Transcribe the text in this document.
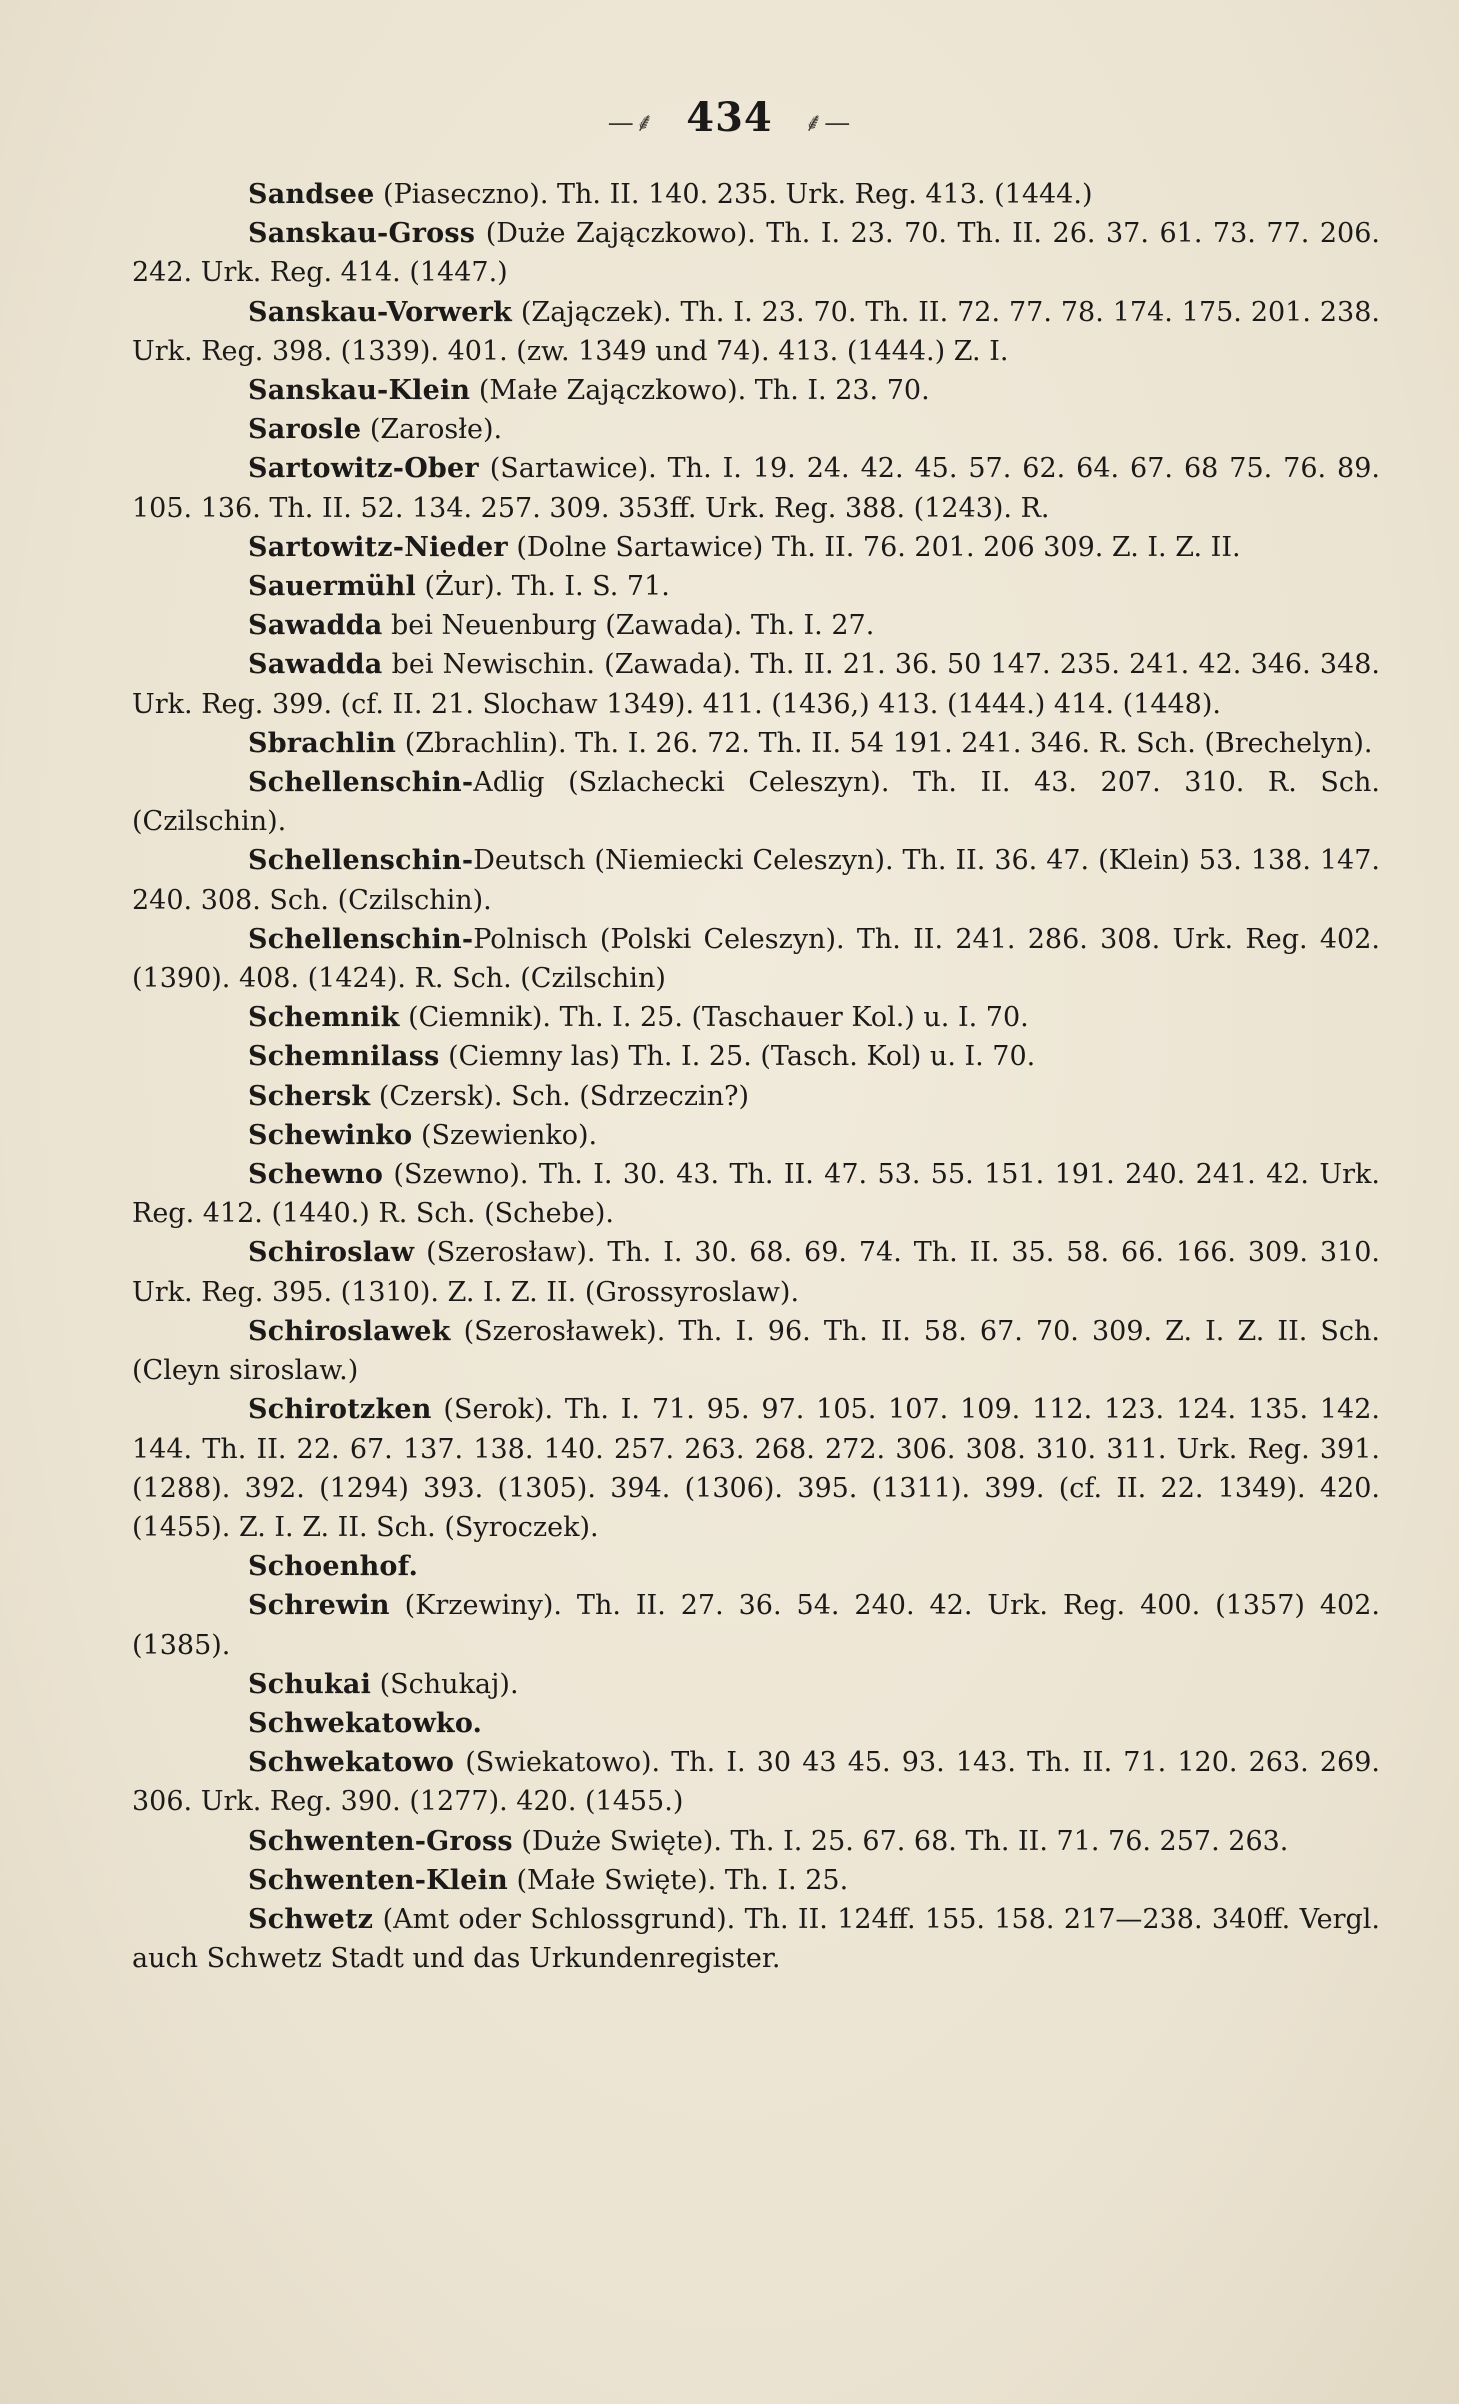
—⸙ 434 ⸙—

Sandsee (Piaseczno). Th. II. 140. 235. Urk. Reg. 413. (1444.)

Sanskau-Gross (Duże Zajączkowo). Th. I. 23. 70. Th. II. 26. 37. 61. 73. 77. 206. 242. Urk. Reg. 414. (1447.)

Sanskau-Vorwerk (Zajączek). Th. I. 23. 70. Th. II. 72. 77. 78. 174. 175. 201. 238. Urk. Reg. 398. (1339). 401. (zw. 1349 und 74). 413. (1444.) Z. I.

Sanskau-Klein (Małe Zajączkowo). Th. I. 23. 70.

Sarosle (Zarosłe).

Sartowitz-Ober (Sartawice). Th. I. 19. 24. 42. 45. 57. 62. 64. 67. 68 75. 76. 89. 105. 136. Th. II. 52. 134. 257. 309. 353ff. Urk. Reg. 388. (1243). R.

Sartowitz-Nieder (Dolne Sartawice) Th. II. 76. 201. 206 309. Z. I. Z. II.

Sauermühl (Żur). Th. I. S. 71.

Sawadda bei Neuenburg (Zawada). Th. I. 27.

Sawadda bei Newischin. (Zawada). Th. II. 21. 36. 50 147. 235. 241. 42. 346. 348. Urk. Reg. 399. (cf. II. 21. Slochaw 1349). 411. (1436,) 413. (1444.) 414. (1448).

Sbrachlin (Zbrachlin). Th. I. 26. 72. Th. II. 54 191. 241. 346. R. Sch. (Brechelyn).

Schellenschin-Adlig (Szlachecki Celeszyn). Th. II. 43. 207. 310. R. Sch. (Czilschin).

Schellenschin-Deutsch (Niemiecki Celeszyn). Th. II. 36. 47. (Klein) 53. 138. 147. 240. 308. Sch. (Czilschin).

Schellenschin-Polnisch (Polski Celeszyn). Th. II. 241. 286. 308. Urk. Reg. 402. (1390). 408. (1424). R. Sch. (Czilschin)

Schemnik (Ciemnik). Th. I. 25. (Taschauer Kol.) u. I. 70.

Schemnilass (Ciemny las) Th. I. 25. (Tasch. Kol) u. I. 70.

Schersk (Czersk). Sch. (Sdrzeczin?)

Schewinko (Szewienko).

Schewno (Szewno). Th. I. 30. 43. Th. II. 47. 53. 55. 151. 191. 240. 241. 42. Urk. Reg. 412. (1440.) R. Sch. (Schebe).

Schiroslaw (Szerosław). Th. I. 30. 68. 69. 74. Th. II. 35. 58. 66. 166. 309. 310. Urk. Reg. 395. (1310). Z. I. Z. II. (Grossyroslaw).

Schiroslawek (Szerosławek). Th. I. 96. Th. II. 58. 67. 70. 309. Z. I. Z. II. Sch. (Cleyn siroslaw.)

Schirotzken (Serok). Th. I. 71. 95. 97. 105. 107. 109. 112. 123. 124. 135. 142. 144. Th. II. 22. 67. 137. 138. 140. 257. 263. 268. 272. 306. 308. 310. 311. Urk. Reg. 391. (1288). 392. (1294) 393. (1305). 394. (1306). 395. (1311). 399. (cf. II. 22. 1349). 420. (1455). Z. I. Z. II. Sch. (Syroczek).

Schoenhof.

Schrewin (Krzewiny). Th. II. 27. 36. 54. 240. 42. Urk. Reg. 400. (1357) 402. (1385).

Schukai (Schukaj).

Schwekatowko.

Schwekatowo (Swiekatowo). Th. I. 30 43 45. 93. 143. Th. II. 71. 120. 263. 269. 306. Urk. Reg. 390. (1277). 420. (1455.)

Schwenten-Gross (Duże Swięte). Th. I. 25. 67. 68. Th. II. 71. 76. 257. 263.

Schwenten-Klein (Małe Swięte). Th. I. 25.

Schwetz (Amt oder Schlossgrund). Th. II. 124ff. 155. 158. 217—238. 340ff. Vergl. auch Schwetz Stadt und das Urkundenregister.
